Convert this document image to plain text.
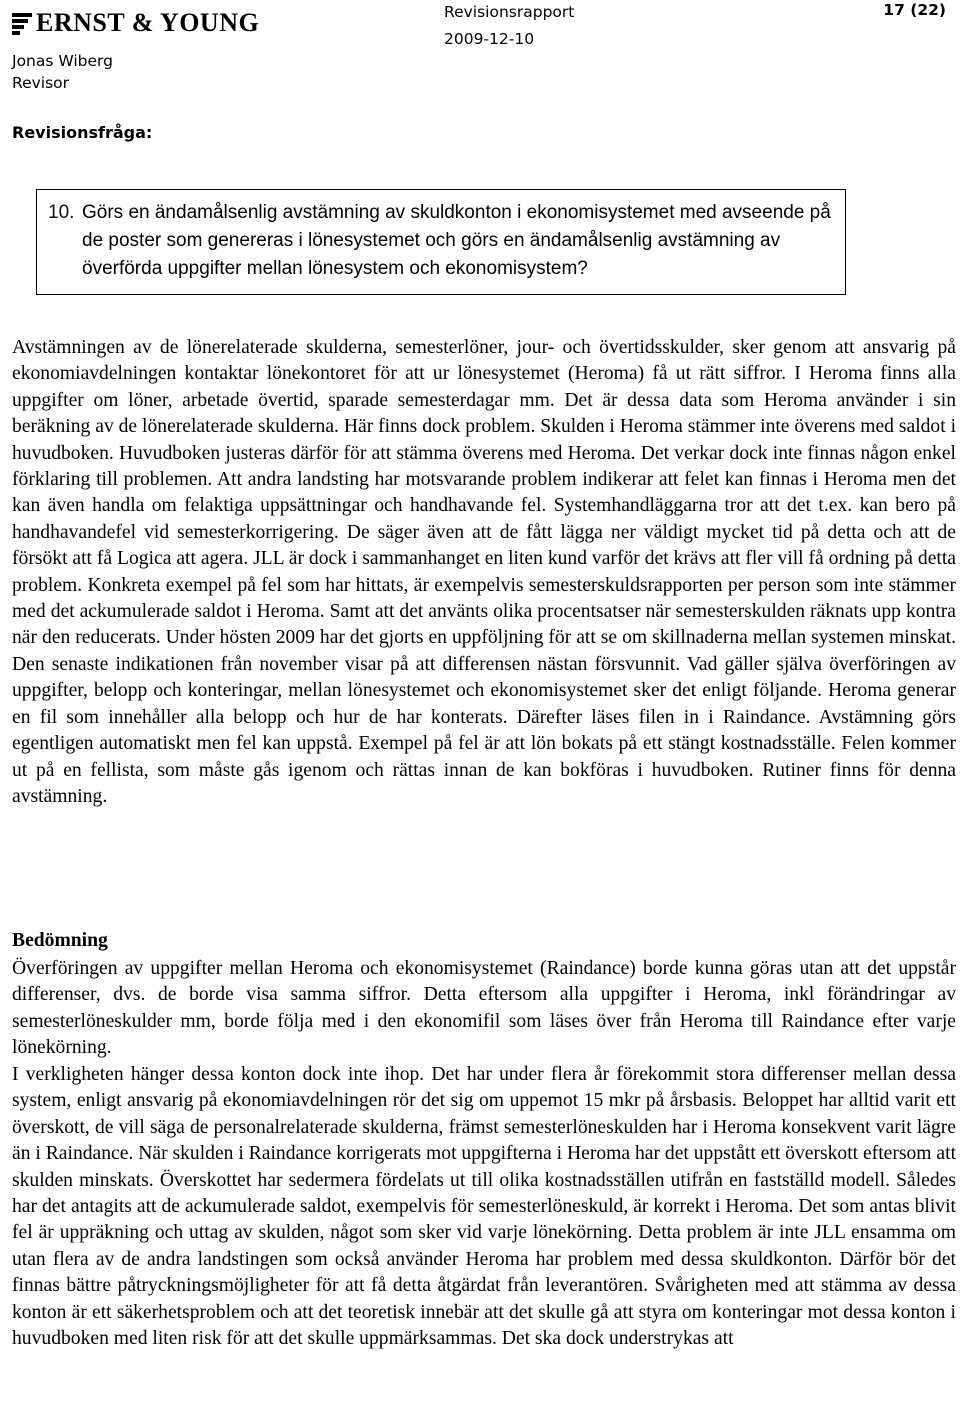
ERNST & YOUNG
Jonas Wiberg
Revisor
Revisionsrapport
2009-12-10
17 (22)
Revisionsfråga:
10. Görs en ändamålsenlig avstämning av skuldkonton i ekonomisystemet med avseende på de poster som genereras i lönesystemet och görs en ändamålsenlig avstämning av överförda uppgifter mellan lönesystem och ekonomisystem?
Avstämningen av de lönerelaterade skulderna, semesterlöner, jour- och övertidsskulder, sker genom att ansvarig på ekonomiavdelningen kontaktar lönekontoret för att ur lönesystemet (Heroma) få ut rätt siffror. I Heroma finns alla uppgifter om löner, arbetade övertid, sparade semesterdagar mm. Det är dessa data som Heroma använder i sin beräkning av de lönerelaterade skulderna. Här finns dock problem. Skulden i Heroma stämmer inte överens med saldot i huvudboken. Huvudboken justeras därför för att stämma överens med Heroma. Det verkar dock inte finnas någon enkel förklaring till problemen. Att andra landsting har motsvarande problem indikerar att felet kan finnas i Heroma men det kan även handla om felaktiga uppsättningar och handhavande fel. Systemhandläggarna tror att det t.ex. kan bero på handhavandefel vid semesterkorrigering. De säger även att de fått lägga ner väldigt mycket tid på detta och att de försökt att få Logica att agera. JLL är dock i sammanhanget en liten kund varför det krävs att fler vill få ordning på detta problem. Konkreta exempel på fel som har hittats, är exempelvis semesterskuldsrapporten per person som inte stämmer med det ackumulerade saldot i Heroma. Samt att det använts olika procentsatser när semesterskulden räknats upp kontra när den reducerats. Under hösten 2009 har det gjorts en uppföljning för att se om skillnaderna mellan systemen minskat. Den senaste indikationen från november visar på att differensen nästan försvunnit. Vad gäller själva överföringen av uppgifter, belopp och konteringar, mellan lönesystemet och ekonomisystemet sker det enligt följande. Heroma generar en fil som innehåller alla belopp och hur de har konterats. Därefter läses filen in i Raindance. Avstämning görs egentligen automatiskt men fel kan uppstå. Exempel på fel är att lön bokats på ett stängt kostnadsställe. Felen kommer ut på en fellista, som måste gås igenom och rättas innan de kan bokföras i huvudboken. Rutiner finns för denna avstämning.
Bedömning
Överföringen av uppgifter mellan Heroma och ekonomisystemet (Raindance) borde kunna göras utan att det uppstår differenser, dvs. de borde visa samma siffror. Detta eftersom alla uppgifter i Heroma, inkl förändringar av semesterlöneskulder mm, borde följa med i den ekonomifil som läses över från Heroma till Raindance efter varje lönekörning.
I verkligheten hänger dessa konton dock inte ihop. Det har under flera år förekommit stora differenser mellan dessa system, enligt ansvarig på ekonomiavdelningen rör det sig om uppemot 15 mkr på årsbasis. Beloppet har alltid varit ett överskott, de vill säga de personalrelaterade skulderna, främst semesterlöneskulden har i Heroma konsekvent varit lägre än i Raindance. När skulden i Raindance korrigerats mot uppgifterna i Heroma har det uppstått ett överskott eftersom att skulden minskats. Överskottet har sedermera fördelats ut till olika kostnadsställen utifrån en fastställd modell. Således har det antagits att de ackumulerade saldot, exempelvis för semesterlöneskuld, är korrekt i Heroma. Det som antas blivit fel är uppräkning och uttag av skulden, något som sker vid varje lönekörning. Detta problem är inte JLL ensamma om utan flera av de andra landstingen som också använder Heroma har problem med dessa skuldkonton. Därför bör det finnas bättre påtryckningsmöjligheter för att få detta åtgärdat från leverantören. Svårigheten med att stämma av dessa konton är ett säkerhetsproblem och att det teoretisk innebär att det skulle gå att styra om konteringar mot dessa konton i huvudboken med liten risk för att det skulle uppmärksammas. Det ska dock understrykas att
